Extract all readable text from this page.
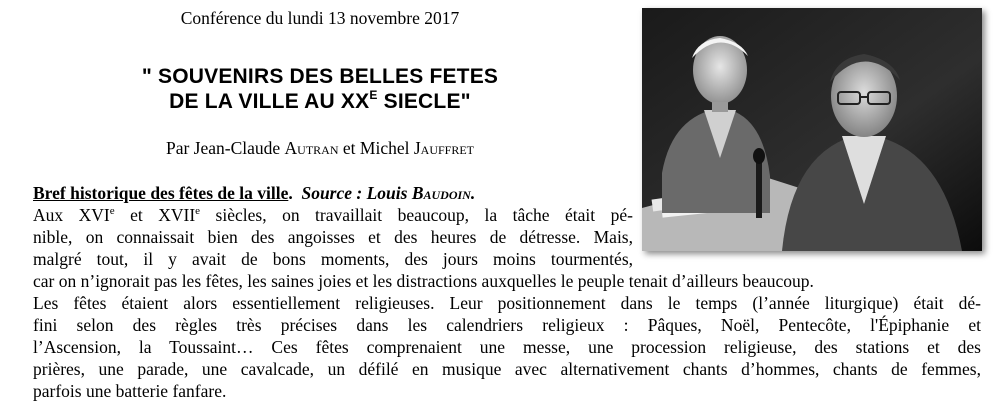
Conférence du lundi 13 novembre 2017
" SOUVENIRS DES BELLES FETES
DE LA VILLE AU $XX^E$ SIECLE"
Par Jean-Claude Autran et Michel Jauffret
Bref historique des fêtes de la ville. Source : Louis Baudoin.
Aux XVIe et XVIIe siècles, on travaillait beaucoup, la tâche était pé-
nible, on connaissait bien des angoisses et des heures de détresse. Mais,
malgré tout, il y avait de bons moments, des jours moins tourmentés,
car on n’ignorait pas les fêtes, les saines joies et les distractions auxquelles le peuple tenait d’ailleurs beaucoup.
Les fêtes étaient alors essentiellement religieuses. Leur positionnement dans le temps (l’année liturgique) était dé-
fini selon des règles très précises dans les calendriers religieux : Pâques, Noël, Pentecôte, l'Épiphanie et
l’Ascension, la Toussaint… Ces fêtes comprenaient une messe, une procession religieuse, des stations et des
prières, une parade, une cavalcade, un défilé en musique avec alternativement chants d’hommes, chants de femmes,
parfois une batterie fanfare.
